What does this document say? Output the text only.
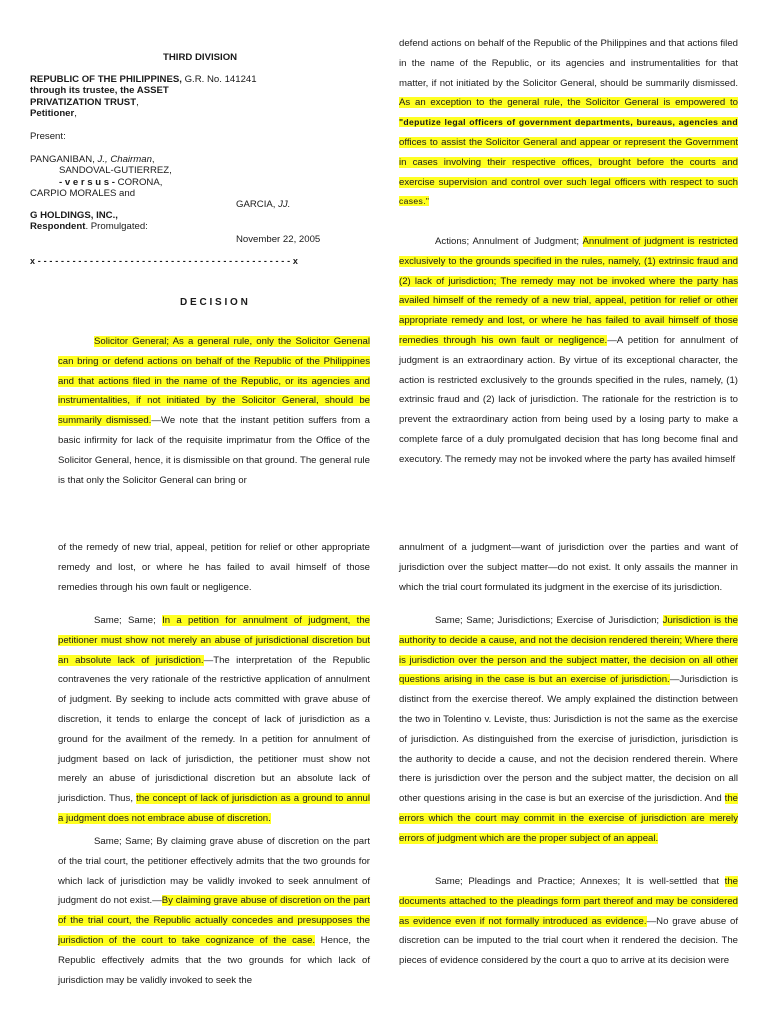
THIRD DIVISION
REPUBLIC OF THE PHILIPPINES, G.R. No. 141241
through its trustee, the ASSET
PRIVATIZATION TRUST,
Petitioner,
Present:
PANGANIBAN, J., Chairman,
SANDOVAL-GUTIERREZ,
- v e r s u s - CORONA,
CARPIO MORALES and
GARCIA, JJ.
G HOLDINGS, INC.,
Respondent. Promulgated:
November 22, 2005
x - - - - - - - - - - - - - - - - - - - - - - - - - - - - - - - - - - - - - - - - - - - - x
D E C I S I O N

Solicitor General; As a general rule, only the Solicitor Genenal can bring or defend actions on behalf of the Republic of the Philippines and that actions filed in the name of the Republic, or its agencies and instrumentalities, if not initiated by the Solicitor General, should be summarily dismissed.—We note that the instant petition suffers from a basic infirmity for lack of the requisite imprimatur from the Office of the Solicitor General, hence, it is dismissible on that ground. The general rule is that only the Solicitor General can bring or

defend actions on behalf of the Republic of the Philippines and that actions filed in the name of the Republic, or its agencies and instrumentalities for that matter, if not initiated by the Solicitor General, should be summarily dismissed. As an exception to the general rule, the Solicitor General is empowered to "deputize legal officers of government departments, bureaus, agencies and offices to assist the Solicitor General and appear or represent the Government in cases involving their respective offices, brought before the courts and exercise supervision and control over such legal officers with respect to such cases."

Actions; Annulment of Judgment; Annulment of judgment is restricted exclusively to the grounds specified in the rules, namely, (1) extrinsic fraud and (2) lack of jurisdiction; The remedy may not be invoked where the party has availed himself of the remedy of a new trial, appeal, petition for relief or other appropriate remedy and lost, or where he has failed to avail himself of those remedies through his own fault or negligence.—A petition for annulment of judgment is an extraordinary action. By virtue of its exceptional character, the action is restricted exclusively to the grounds specified in the rules, namely, (1) extrinsic fraud and (2) lack of jurisdiction. The rationale for the restriction is to prevent the extraordinary action from being used by a losing party to make a complete farce of a duly promulgated decision that has long become final and executory. The remedy may not be invoked where the party has availed himself

of the remedy of new trial, appeal, petition for relief or other appropriate remedy and lost, or where he has failed to avail himself of those remedies through his own fault or negligence.

Same; Same; In a petition for annulment of judgment, the petitioner must show not merely an abuse of jurisdictional discretion but an absolute lack of jurisdiction.—The interpretation of the Republic contravenes the very rationale of the restrictive application of annulment of judgment. By seeking to include acts committed with grave abuse of discretion, it tends to enlarge the concept of lack of jurisdiction as a ground for the availment of the remedy. In a petition for annulment of judgment based on lack of jurisdiction, the petitioner must show not merely an abuse of jurisdictional discretion but an absolute lack of jurisdiction. Thus, the concept of lack of jurisdiction as a ground to annul a judgment does not embrace abuse of discretion.

Same; Same; By claiming grave abuse of discretion on the part of the trial court, the petitioner effectively admits that the two grounds for which lack of jurisdiction may be validly invoked to seek annulment of judgment do not exist.—By claiming grave abuse of discretion on the part of the trial court, the Republic actually concedes and presupposes the jurisdiction of the court to take cognizance of the case. Hence, the Republic effectively admits that the two grounds for which lack of jurisdiction may be validly invoked to seek the

annulment of a judgment—want of jurisdiction over the parties and want of jurisdiction over the subject matter—do not exist. It only assails the manner in which the trial court formulated its judgment in the exercise of its jurisdiction.

Same; Same; Jurisdictions; Exercise of Jurisdiction; Jurisdiction is the authority to decide a cause, and not the decision rendered therein; Where there is jurisdiction over the person and the subject matter, the decision on all other questions arising in the case is but an exercise of jurisdiction.—Jurisdiction is distinct from the exercise thereof. We amply explained the distinction between the two in Tolentino v. Leviste, thus: Jurisdiction is not the same as the exercise of jurisdiction. As distinguished from the exercise of jurisdiction, jurisdiction is the authority to decide a cause, and not the decision rendered therein. Where there is jurisdiction over the person and the subject matter, the decision on all other questions arising in the case is but an exercise of the jurisdiction. And the errors which the court may commit in the exercise of jurisdiction are merely errors of judgment which are the proper subject of an appeal.

Same; Pleadings and Practice; Annexes; It is well-settled that the documents attached to the pleadings form part thereof and may be considered as evidence even if not formally introduced as evidence.—No grave abuse of discretion can be imputed to the trial court when it rendered the decision. The pieces of evidence considered by the court a quo to arrive at its decision were
